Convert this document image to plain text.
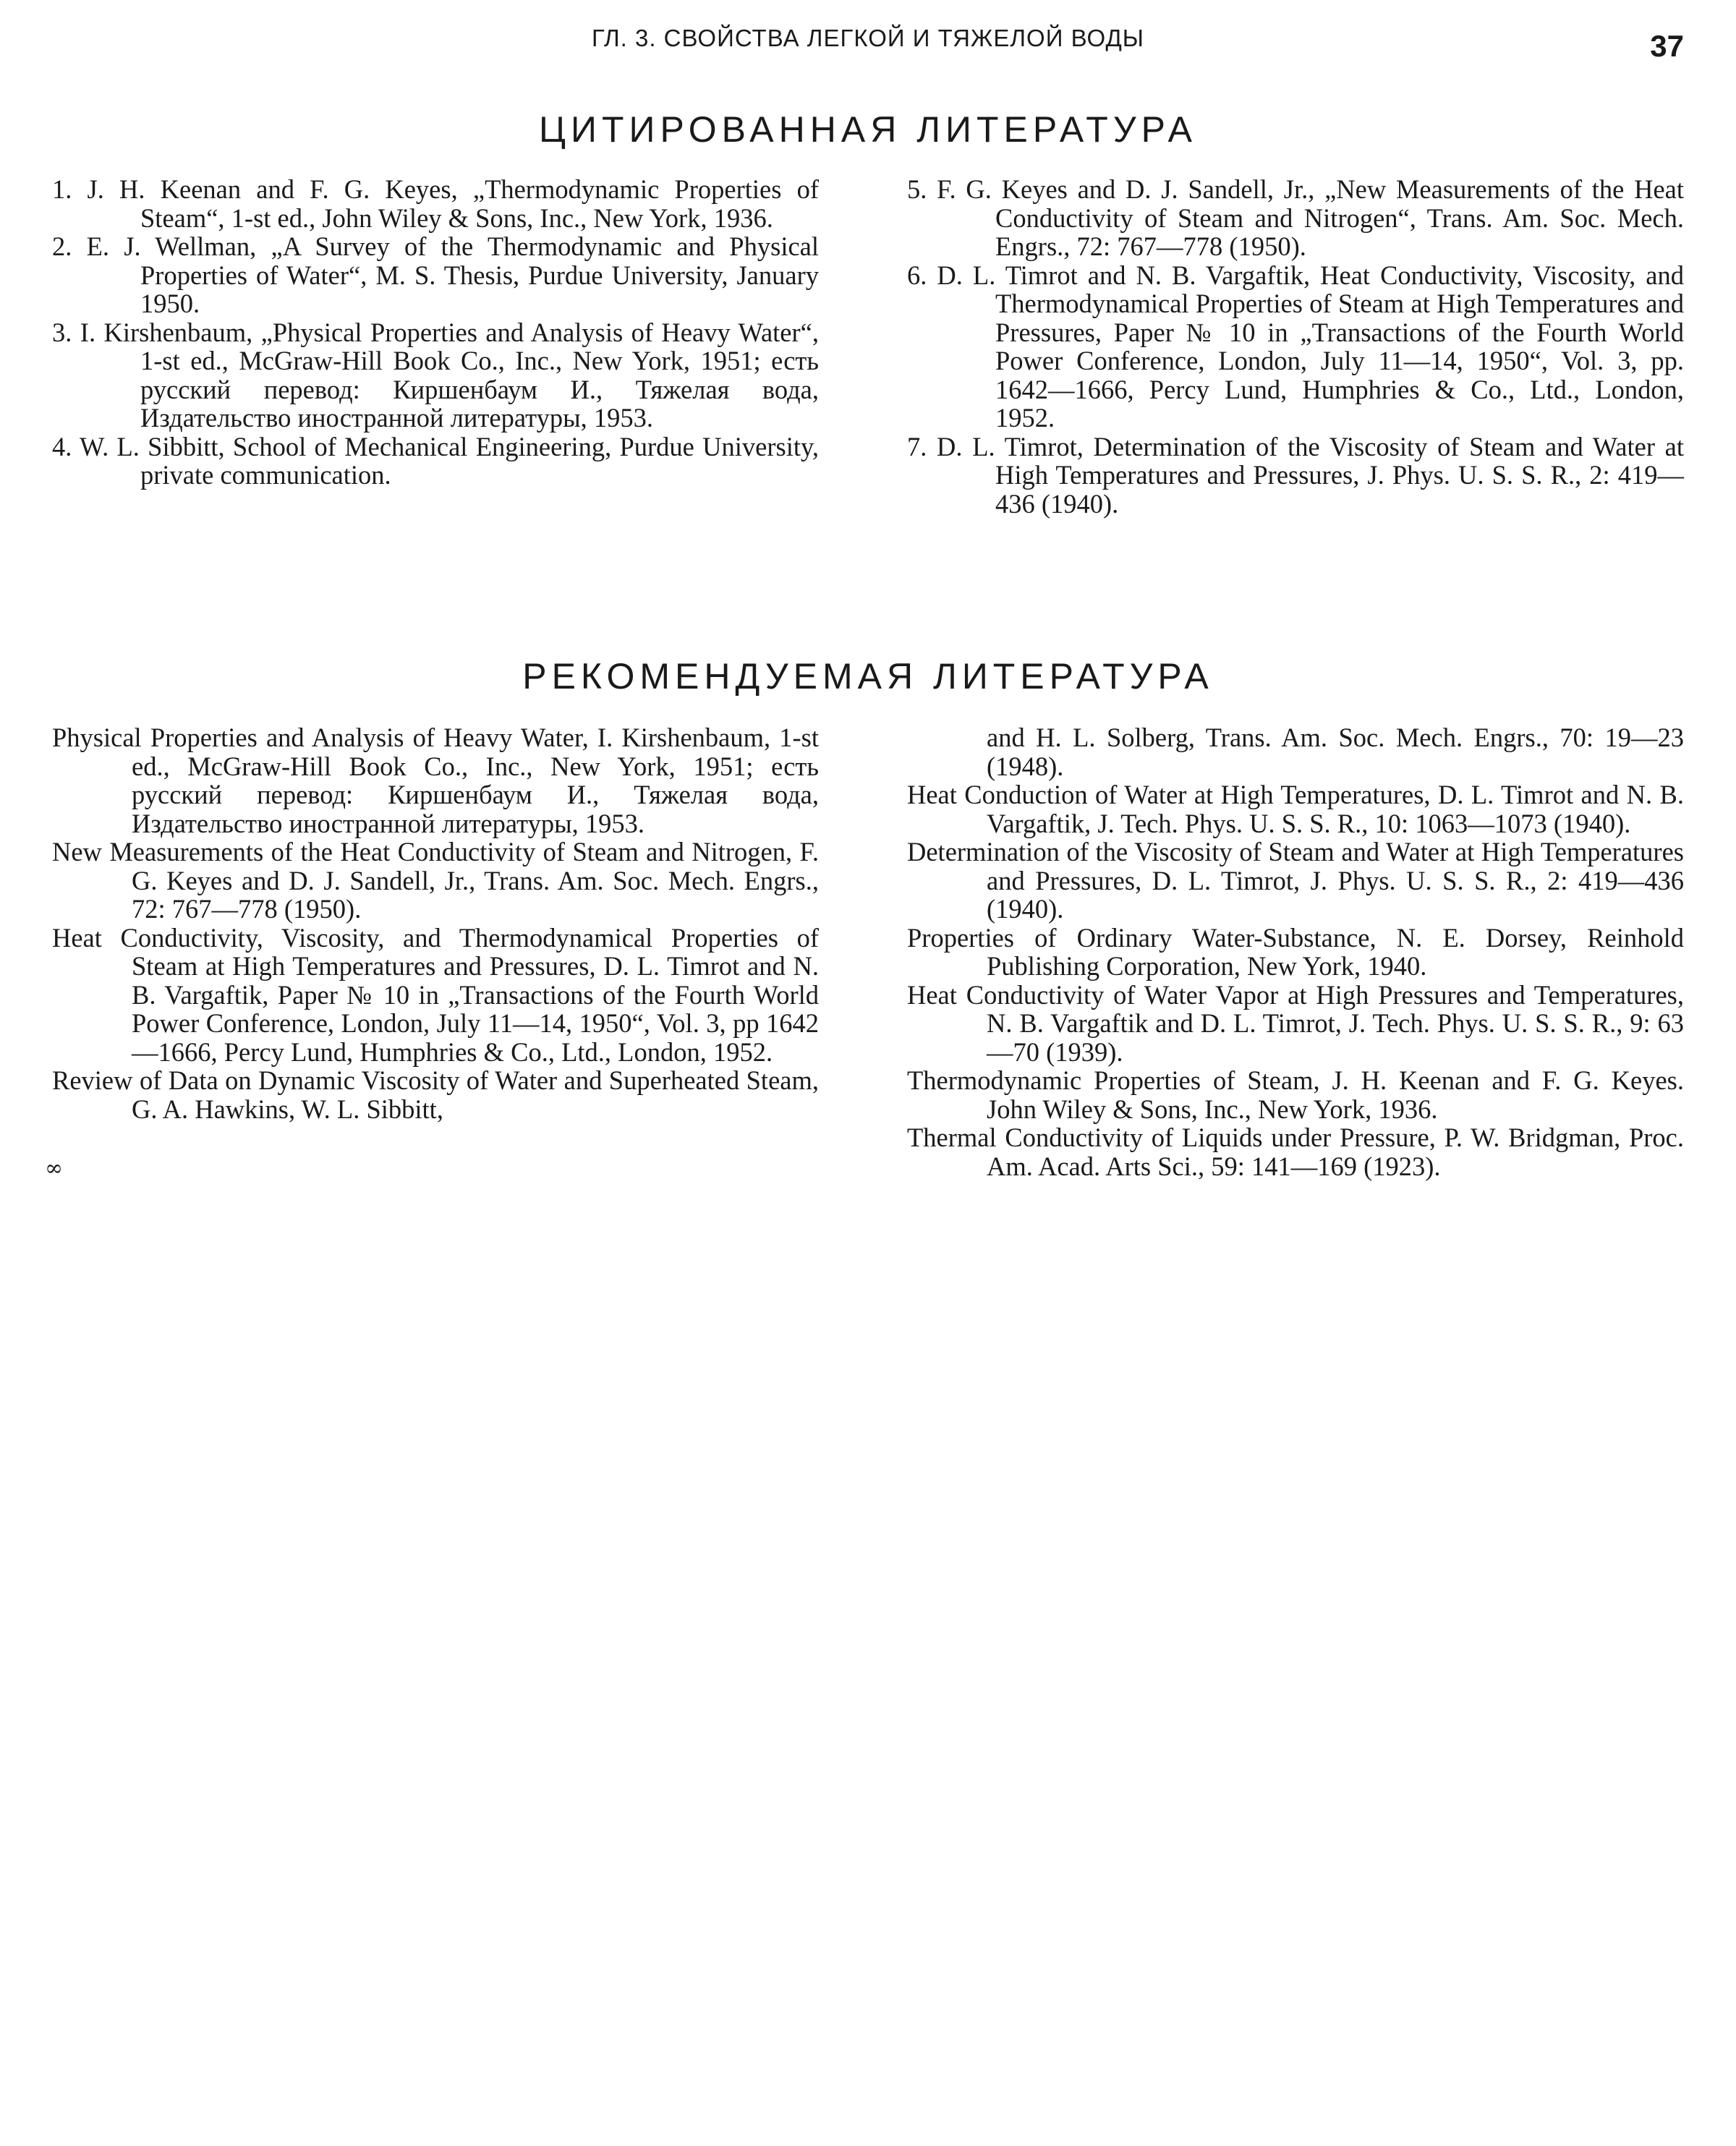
ГЛ. 3. СВОЙСТВА ЛЕГКОЙ И ТЯЖЕЛОЙ ВОДЫ	37
ЦИТИРОВАННАЯ ЛИТЕРАТУРА
1. J. H. Keenan and F. G. Keyes, „Thermodynamic Properties of Steam“, 1-st ed., John Wiley & Sons, Inc., New York, 1936.
2. E. J. Wellman, „A Survey of the Thermodynamic and Physical Properties of Water“, M. S. Thesis, Purdue University, January 1950.
3. I. Kirshenbaum, „Physical Properties and Analysis of Heavy Water“, 1-st ed., McGraw-Hill Book Co., Inc., New York, 1951; есть русский перевод: Киршенбаум И., Тяжелая вода, Издательство иностранной литературы, 1953.
4. W. L. Sibbitt, School of Mechanical Engineering, Purdue University, private communication.
5. F. G. Keyes and D. J. Sandell, Jr., „New Measurements of the Heat Conductivity of Steam and Nitrogen“, Trans. Am. Soc. Mech. Engrs., 72: 767—778 (1950).
6. D. L. Timrot and N. B. Vargaftik, Heat Conductivity, Viscosity, and Thermodynamical Properties of Steam at High Temperatures and Pressures, Paper № 10 in „Transactions of the Fourth World Power Conference, London, July 11—14, 1950“, Vol. 3, pp. 1642—1666, Percy Lund, Humphries & Co., Ltd., London, 1952.
7. D. L. Timrot, Determination of the Viscosity of Steam and Water at High Temperatures and Pressures, J. Phys. U. S. S. R., 2: 419—436 (1940).
РЕКОМЕНДУЕМАЯ ЛИТЕРАТУРА
Physical Properties and Analysis of Heavy Water, I. Kirshenbaum, 1-st ed., McGraw-Hill Book Co., Inc., New York, 1951; есть русский перевод: Киршенбаум И., Тяжелая вода, Издательство иностранной литературы, 1953.
New Measurements of the Heat Conductivity of Steam and Nitrogen, F. G. Keyes and D. J. Sandell, Jr., Trans. Am. Soc. Mech. Engrs., 72: 767—778 (1950).
Heat Conductivity, Viscosity, and Thermodynamical Properties of Steam at High Temperatures and Pressures, D. L. Timrot and N. B. Vargaftik, Paper № 10 in „Transactions of the Fourth World Power Conference, London, July 11—14, 1950“, Vol. 3, pp 1642—1666, Percy Lund, Humphries & Co., Ltd., London, 1952.
Review of Data on Dynamic Viscosity of Water and Superheated Steam, G. A. Hawkins, W. L. Sibbitt,
∞
and H. L. Solberg, Trans. Am. Soc. Mech. Engrs., 70: 19—23 (1948).
Heat Conduction of Water at High Temperatures, D. L. Timrot and N. B. Vargaftik, J. Tech. Phys. U. S. S. R., 10: 1063—1073 (1940).
Determination of the Viscosity of Steam and Water at High Temperatures and Pressures, D. L. Timrot, J. Phys. U. S. S. R., 2: 419—436 (1940).
Properties of Ordinary Water-Substance, N. E. Dorsey, Reinhold Publishing Corporation, New York, 1940.
Heat Conductivity of Water Vapor at High Pressures and Temperatures, N. B. Vargaftik and D. L. Timrot, J. Tech. Phys. U. S. S. R., 9: 63—70 (1939).
Thermodynamic Properties of Steam, J. H. Keenan and F. G. Keyes. John Wiley & Sons, Inc., New York, 1936.
Thermal Conductivity of Liquids under Pressure, P. W. Bridgman, Proc. Am. Acad. Arts Sci., 59: 141—169 (1923).
